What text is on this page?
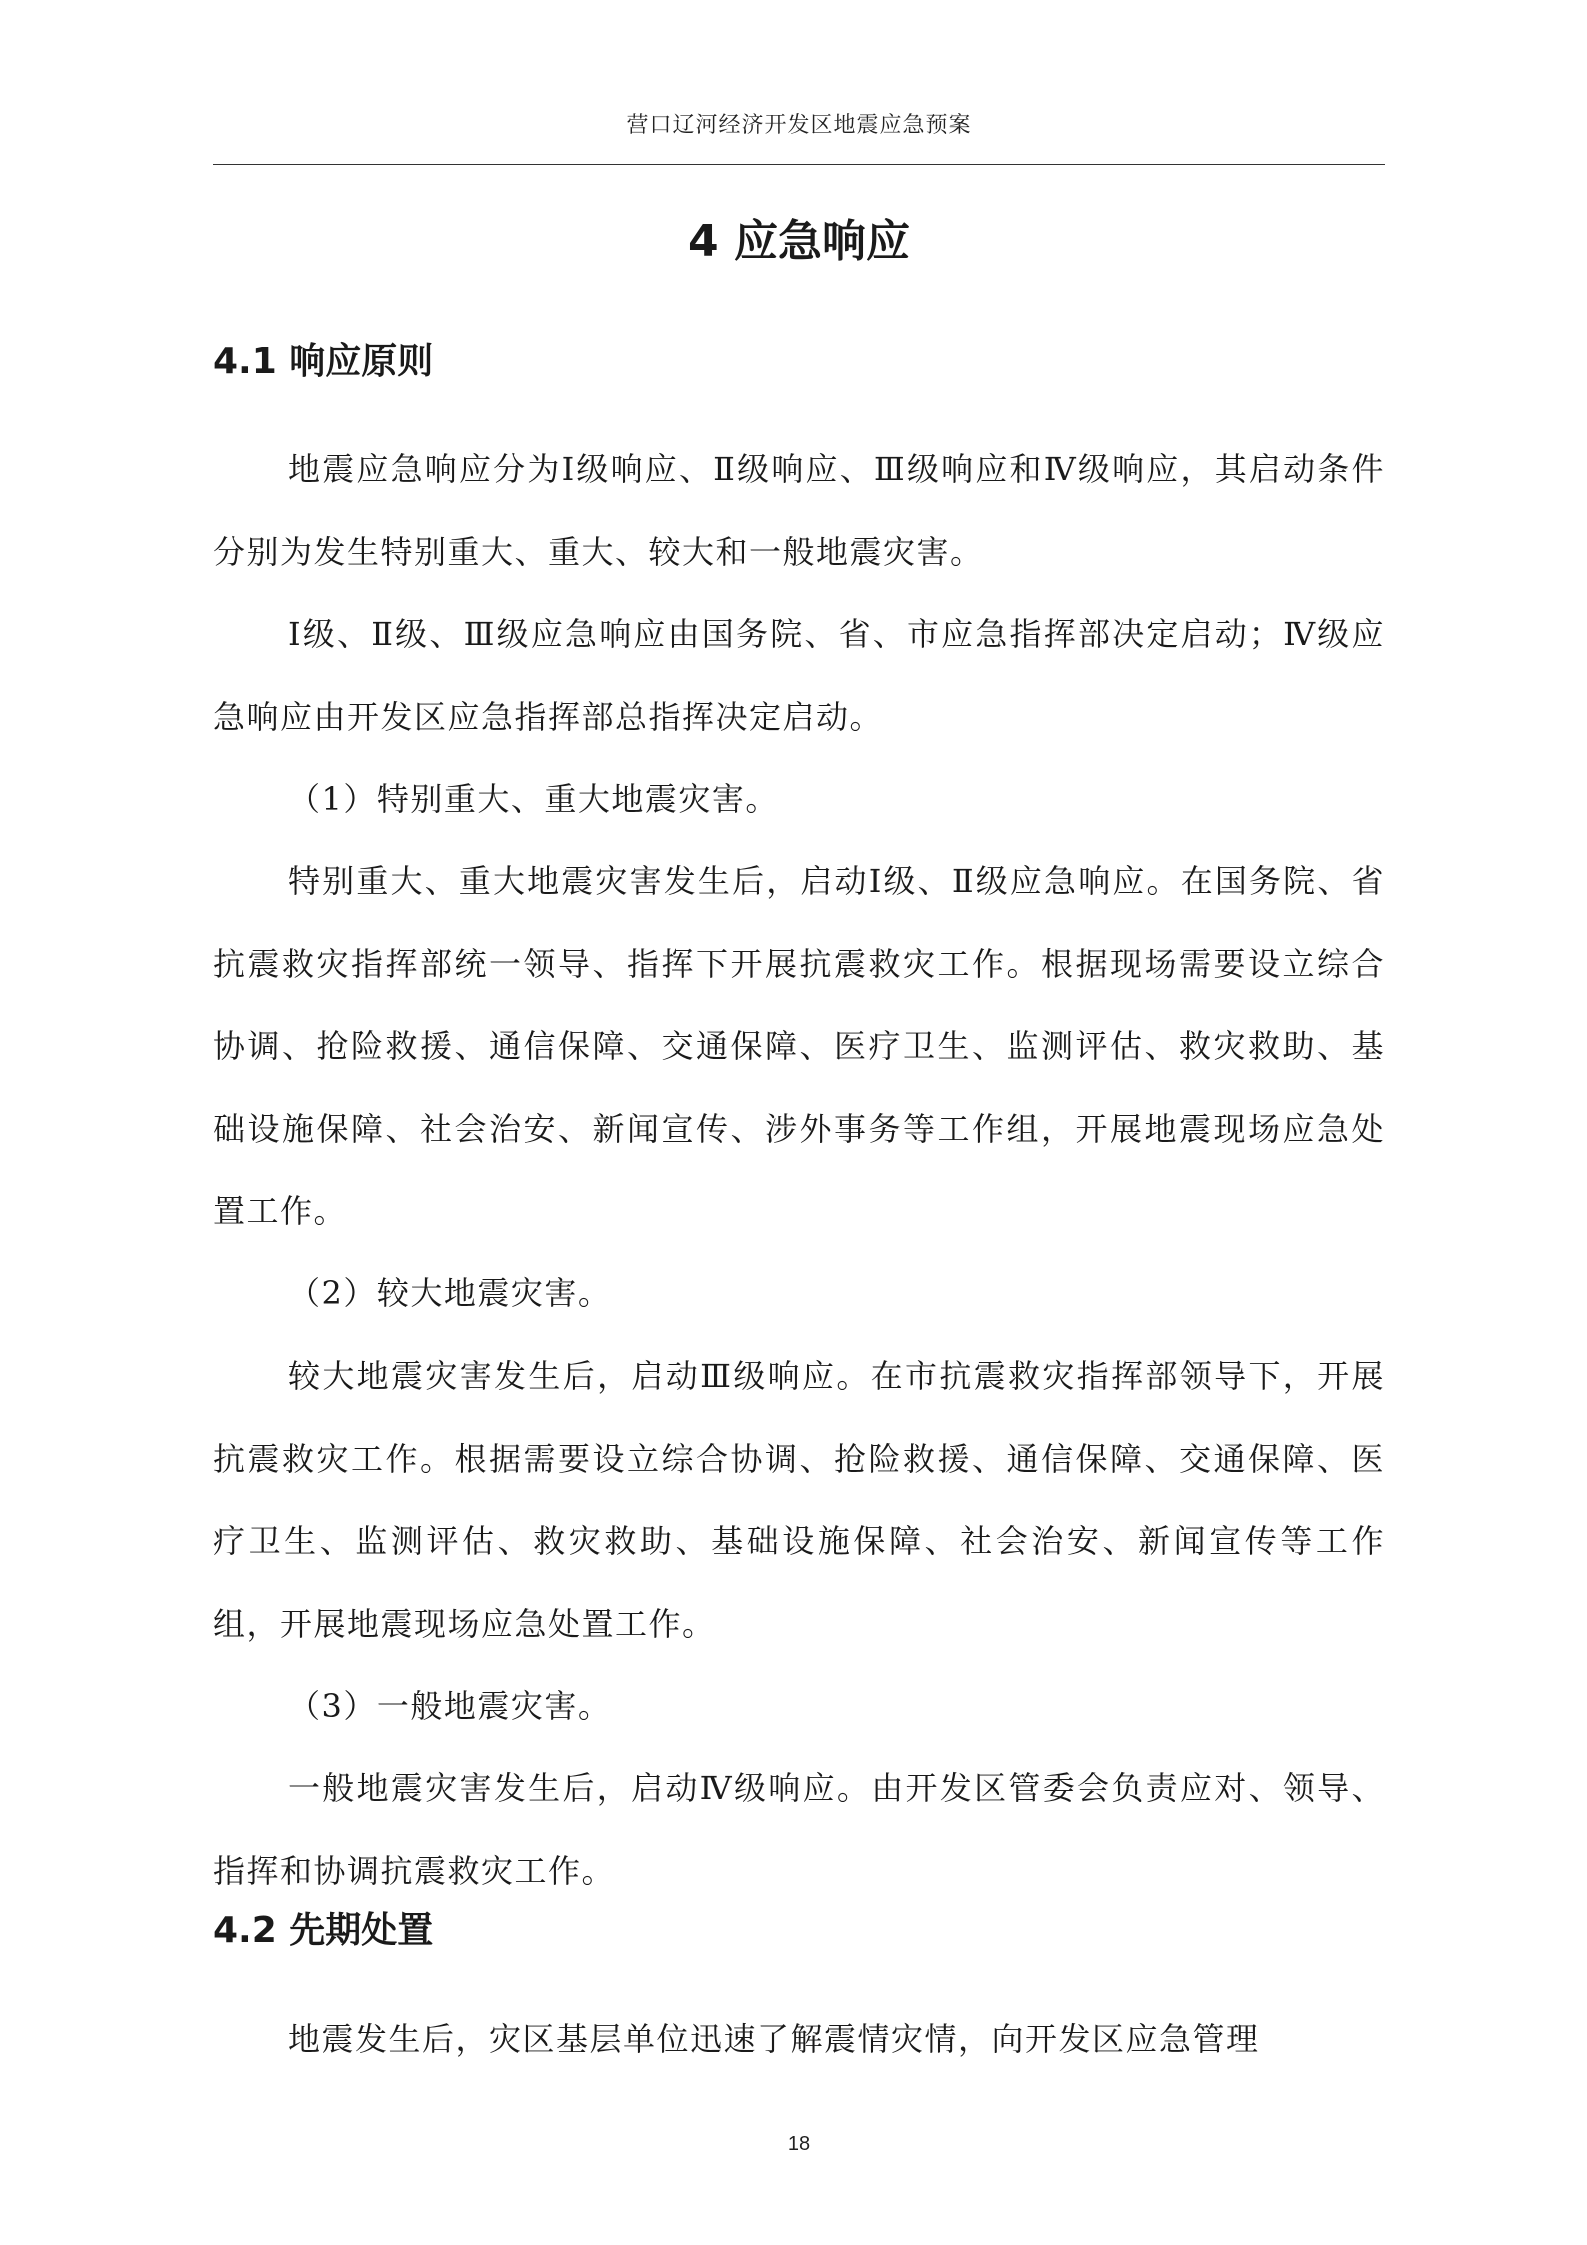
营口辽河经济开发区地震应急预案
4 应急响应
4.1 响应原则

地震应急响应分为Ⅰ级响应、Ⅱ级响应、Ⅲ级响应和Ⅳ级响应，其启动条件分别为发生特别重大、重大、较大和一般地震灾害。

Ⅰ级、Ⅱ级、Ⅲ级应急响应由国务院、省、市应急指挥部决定启动；Ⅳ级应急响应由开发区应急指挥部总指挥决定启动。

（1）特别重大、重大地震灾害。

特别重大、重大地震灾害发生后，启动Ⅰ级、Ⅱ级应急响应。在国务院、省抗震救灾指挥部统一领导、指挥下开展抗震救灾工作。根据现场需要设立综合协调、抢险救援、通信保障、交通保障、医疗卫生、监测评估、救灾救助、基础设施保障、社会治安、新闻宣传、涉外事务等工作组，开展地震现场应急处置工作。

（2）较大地震灾害。

较大地震灾害发生后，启动Ⅲ级响应。在市抗震救灾指挥部领导下，开展抗震救灾工作。根据需要设立综合协调、抢险救援、通信保障、交通保障、医疗卫生、监测评估、救灾救助、基础设施保障、社会治安、新闻宣传等工作组，开展地震现场应急处置工作。

（3）一般地震灾害。

一般地震灾害发生后，启动Ⅳ级响应。由开发区管委会负责应对、领导、指挥和协调抗震救灾工作。

4.2 先期处置

地震发生后，灾区基层单位迅速了解震情灾情，向开发区应急管理

18
